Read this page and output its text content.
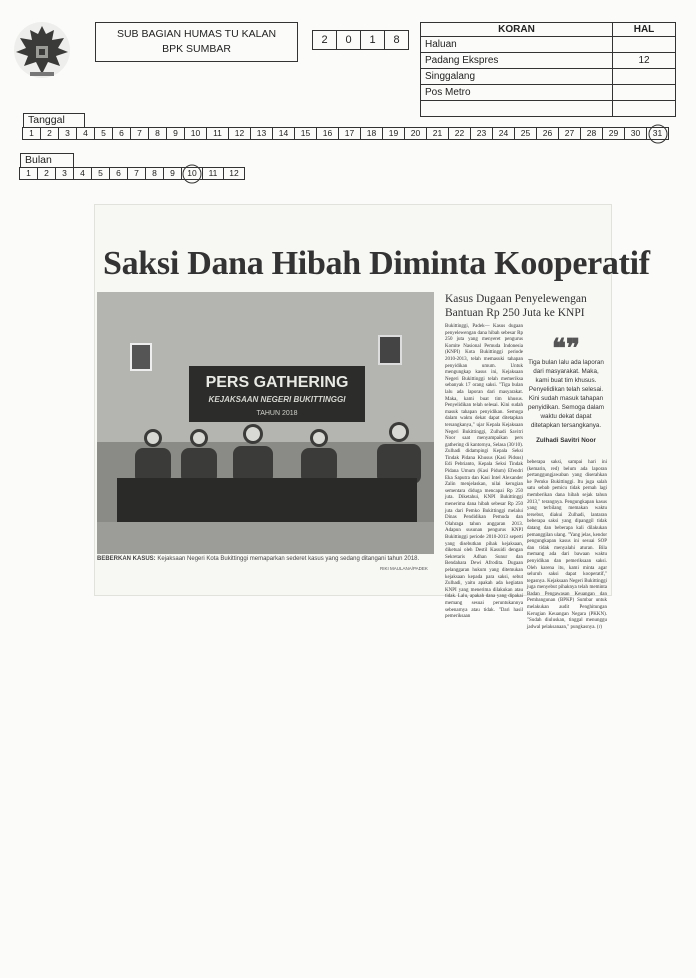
SUB BAGIAN HUMAS TU KALAN
BPK SUMBAR
2	0	1	8
KORAN	HAL
Haluan	
Padang Ekspres	12
Singgalang	
Pos Metro	

Tanggal
1	2	3	4	5	6	7	8	9	10	11	12	13	14	15	16	17	18	19	20	21	22	23	24	25	26	27	28	29	30	31
Bulan
1	2	3	4	5	6	7	8	9	10	11	12
Saksi Dana Hibah Diminta Kooperatif
PERS GATHERING
KEJAKSAAN NEGERI BUKITTINGGI
TAHUN 2018
BEBERKAN KASUS: Kejaksaan Negeri Kota Bukittinggi memaparkan sederet kasus yang sedang ditangani tahun 2018.
RIKI MAULANA/PADEK
Kasus Dugaan Penyelewengan Bantuan Rp 250 Juta ke KNPI
Bukittinggi, Padek— Kasus dugaan penyelewengan dana hibah sebesar Rp 250 juta yang menyeret pengurus Komite Nasional Pemuda Indonesia (KNPI) Kota Bukittinggi periode 2010-2013, telah memasuki tahapan penyidikan umum. Untuk mengungkap kasus ini, Kejaksaan Negeri Bukittinggi telah memeriksa sebanyak 17 orang saksi. "Tiga bulan lalu ada laporan dari masyarakat. Maka, kami buat tim khusus. Penyelidikan telah selesai. Kini sudah masuk tahapan penyidikan. Semoga dalam waktu dekat dapat ditetapkan tersangkanya," ujar Kepala Kejaksaan Negeri Bukittinggi, Zulhadi Savitri Noor saat menyampaikan pers gathering di kantornya, Selasa (30/10). Zulhadi didampingi Kepala Seksi Tindak Pidana Khusus (Kasi Pidsus) Edi Pebrianto, Kepala Seksi Tindak Pidana Umum (Kasi Pidum) Efendri Eka Saputra dan Kasi Intel Alexander Zalin menjelaskan, nilai kerugian sementara diduga mencapai Rp 250 juta. Diketahui, KNPI Bukittinggi menerima dana hibah sebesar Rp 250 juta dari Pemko Bukittinggi melalui Dinas Pendidikan Pemuda dan Olahraga tahun anggaran 2013. Adapun susunan pengurus KNPI Bukittinggi periode 2010-2013 seperti yang disebutkan pihak kejaksaan, diketuai oleh Destil Kasuidi dengan Sekretaris Adhan Sunur dan Bendahara Dewi Afrodita. Dugaan pelanggaran hukum yang ditemukan kejaksaan kepada para saksi, sebut Zulhadi, yaitu apakah ada kegiatan KNPI yang menerima dilakukan atau tidak. Lalu, apakah dana yang dipakai memang sesuai peruntukannya sebenarnya atau tidak. "Dari hasil pemeriksaan
❝❞
Tiga bulan lalu ada laporan dari masyarakat. Maka, kami buat tim khusus. Penyelidikan telah selesai. Kini sudah masuk tahapan penyidikan. Semoga dalam waktu dekat dapat ditetapkan tersangkanya.
Zulhadi Savitri Noor
beberapa saksi, sampai hari ini (kemarin, red) belum ada laporan pertanggungjawaban yang diserahkan ke Pemko Bukittinggi. Itu juga salah satu sebab pemicu tidak pernah lagi memberikan dana hibah sejak tahun 2013," terangnya. Pengungkapan kasus yang terbilang memakan waktu tersebut, diakui Zulhadi, lantaran beberapa saksi yang dipanggil tidak datang dan beberapa kali dilakukan pemanggilan ulang. "Yang jelas, kendor pengungkapan kasus ini sesuai SOP dan tidak menyalahi aturan. Bila memang ada dari bawaan waktu penyidikan dan pemeriksaan saksi. Oleh karena itu, kami minta agar seluruh saksi dapat kooperatif," tegasnya. Kejaksaan Negeri Bukittinggi juga menyebut pihaknya telah meminta Badan Pengawasan Keuangan dan Pembangunan (BPKP) Sumbar untuk melakukan audit Penghitungan Kerugian Keuangan Negara (PKKN). "Sudah diuluskan, tinggal menunggu jadwal pelaksanaan," pungkasnya. (r)
